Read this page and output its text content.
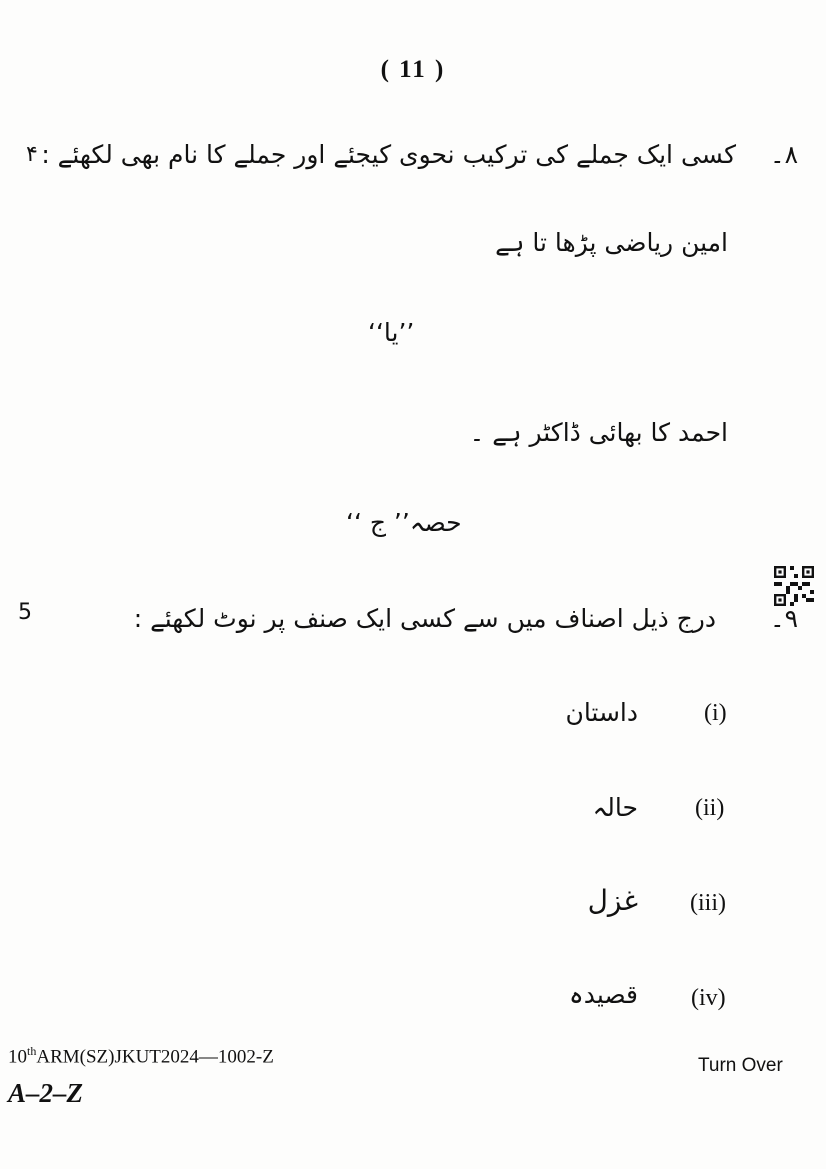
( 11 )
۸۔
۴ کسی ایک جملے کی ترکیب نحوی کیجئے اور جملے کا نام بھی لکھئے :
امین ریاضی پڑھا تا ہے
’’یا‘‘
احمد کا بھائی ڈاکٹر ہے ۔
حصہ’’ ج ‘‘
۹۔
5	درج ذیل اصناف میں سے کسی ایک صنف پر نوٹ لکھئے :
(i)
داستان
(ii)
حالہ
(iii)
غزل
(iv)
قصیدہ
10thARM(SZ)JKUT2024—1002-Z
A–2–Z
Turn Over
